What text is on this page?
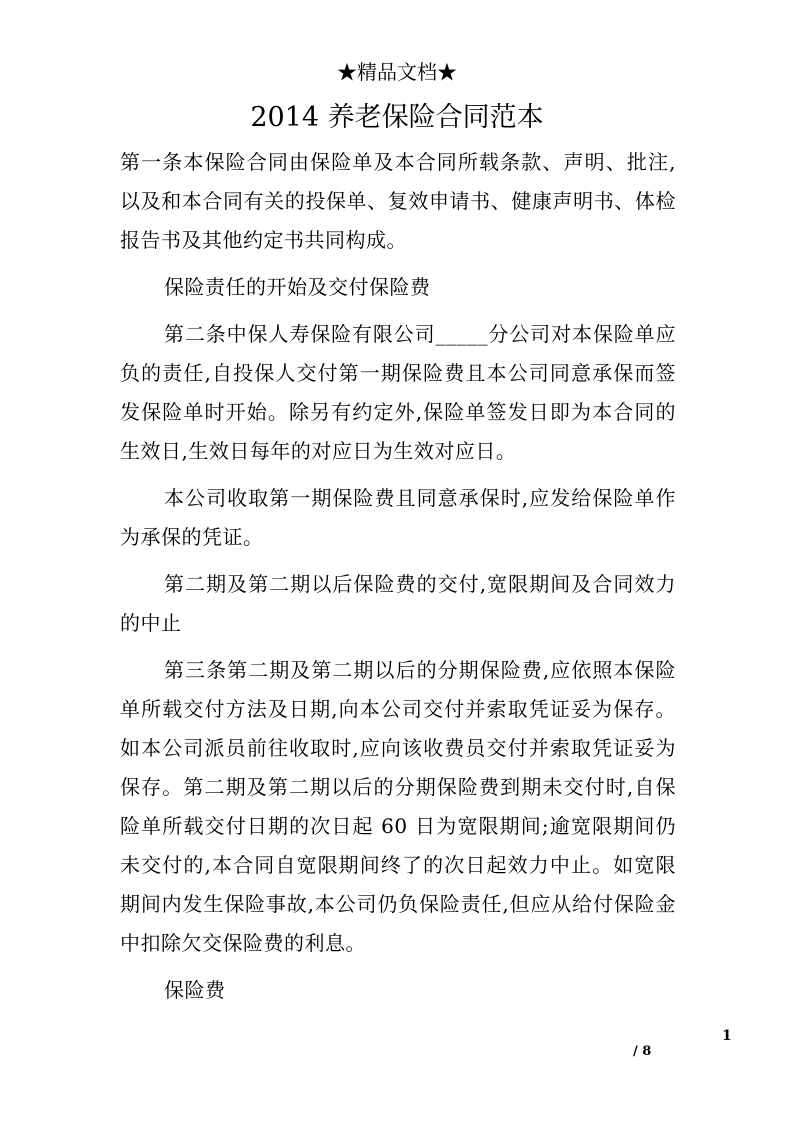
★精品文档★
2014 养老保险合同范本

第一条本保险合同由保险单及本合同所载条款、声明、批注,以及和本合同有关的投保单、复效申请书、健康声明书、体检报告书及其他约定书共同构成。

保险责任的开始及交付保险费

第二条中保人寿保险有限公司_____分公司对本保险单应负的责任,自投保人交付第一期保险费且本公司同意承保而签发保险单时开始。除另有约定外,保险单签发日即为本合同的生效日,生效日每年的对应日为生效对应日。

本公司收取第一期保险费且同意承保时,应发给保险单作为承保的凭证。

第二期及第二期以后保险费的交付,宽限期间及合同效力的中止

第三条第二期及第二期以后的分期保险费,应依照本保险单所载交付方法及日期,向本公司交付并索取凭证妥为保存。如本公司派员前往收取时,应向该收费员交付并索取凭证妥为保存。第二期及第二期以后的分期保险费到期未交付时,自保险单所载交付日期的次日起 60 日为宽限期间;逾宽限期间仍未交付的,本合同自宽限期间终了的次日起效力中止。如宽限期间内发生保险事故,本公司仍负保险责任,但应从给付保险金中扣除欠交保险费的利息。

保险费

1
/ 8
